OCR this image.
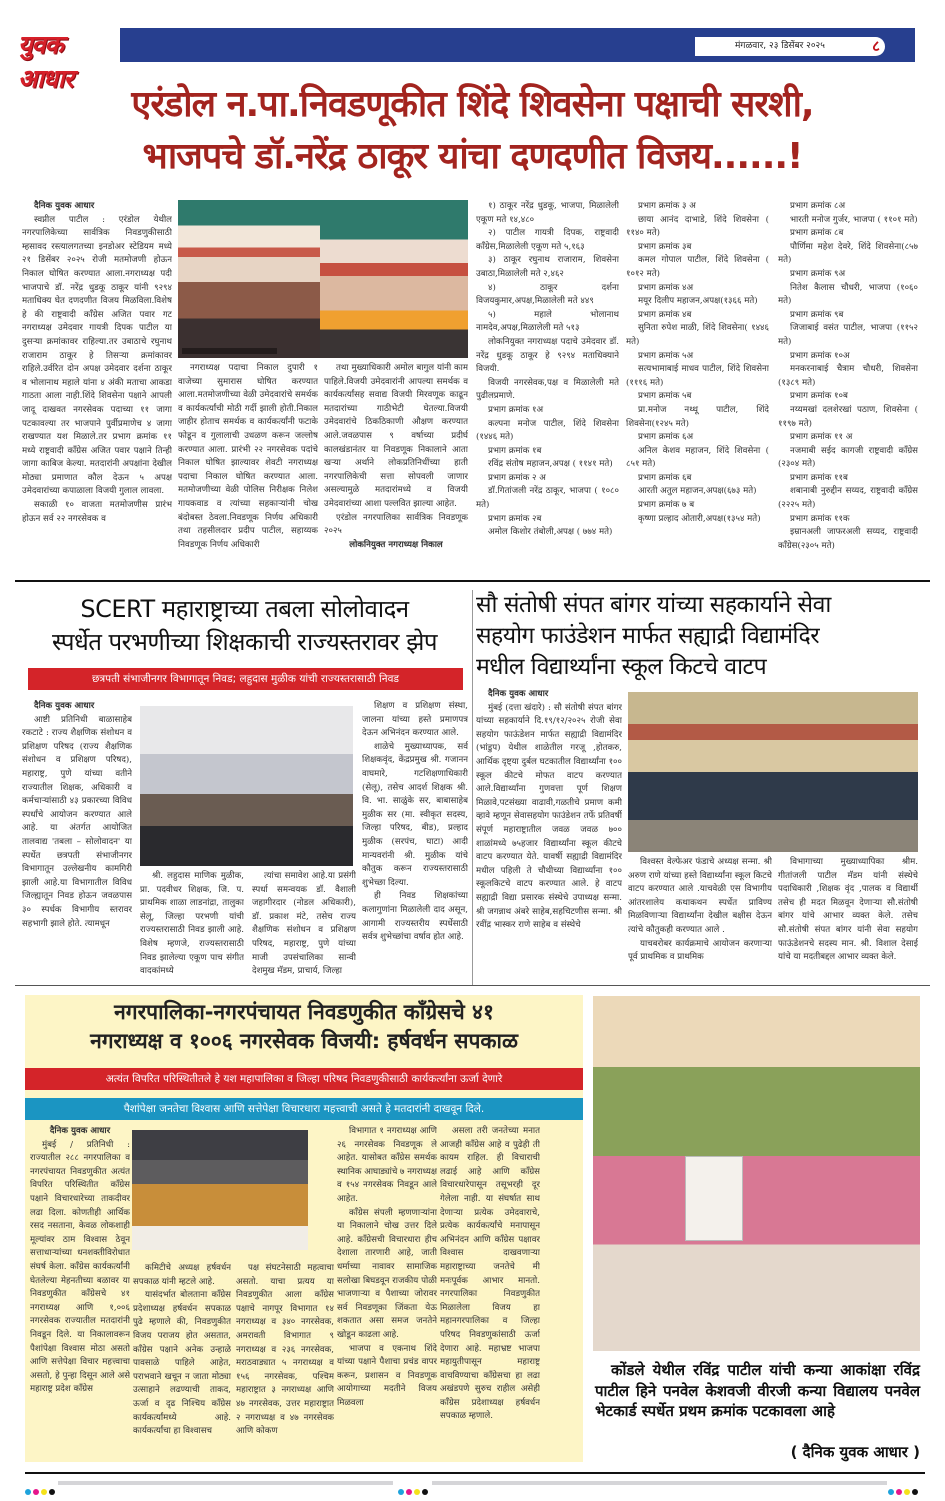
युवक आधार
मंगळवार, २३ डिसेंबर २०२५	८
एरंडोल न.पा.निवडणूकीत शिंदे शिवसेना पक्षाची सरशी,
भाजपचे डॉ.नरेंद्र ठाकूर यांचा दणदणीत विजय......!

दैनिक युवक आधार

स्वप्नील पाटील : एरंडोल येथील नगरपालिकेच्या सार्वत्रिक निवडणुकीसाठी म्हसावद रस्त्यालगतच्या इनडोअर स्टेडियम मध्ये २१ डिसेंबर २०२५ रोजी मतमोजणी होऊन निकाल घोषित करण्यात आला.नगराध्यक्ष पदी भाजपाचे डॉ. नरेंद्र धुडकू ठाकूर यांनी ९२९४ मताधिक्य घेत दणदणीत विजय मिळविला.विशेष हे की राष्ट्रवादी काँग्रेस अजित पवार गट नगराध्यक्ष उमेदवार गायत्री दिपक पाटील या दुसऱ्या क्रमांकावर राहिल्या.तर उबाठाचे रघुनाथ राजाराम ठाकूर हे तिसऱ्या क्रमांकावर राहिले.उर्वरित दोन अपक्ष उमेदवार दर्शना ठाकूर व भोलानाथ महाले यांना ४ अंकी मताचा आकडा गाठता आला नाही.शिंदे शिवसेना पक्षाने आपली जादू दाखवत नगरसेवक पदाच्या ११ जागा पटकावल्या तर भाजपाने पुर्वीप्रमाणेच ४ जागा राखण्यात यश मिळाले.तर प्रभाग क्रमांक ११ मध्ये राष्ट्रवादी काँग्रेस अजित पवार पक्षाने तिन्ही जागा काबिज केल्या. मतदारांनी अपक्षांना देखील मोठ्या प्रमाणात कौल देऊन ५ अपक्ष उमेदवारांच्या कपाळाला विजयी गुलाल लावला.

सकाळी १० वाजता मतमोजणीस प्रारंभ होऊन सर्व २२ नगरसेवक व

नगराध्यक्ष पदाचा निकाल दुपारी १ वाजेच्या सुमारास घोषित करण्यात आला.मतमोजणीच्या वेळी उमेदवारांचे समर्थक व कार्यकर्त्यांची मोठी गर्दी झाली होती.निकाल जाहीर होताच समर्थक व कार्यकर्त्यांनी फटाके फोडून व गुलालाची उधळण करून जल्लोष करण्यात आला. प्रारंभी २२ नगरसेवक पदांचे निकाल घोषित झाल्यावर शेवटी नगराध्यक्ष पदाचा निकाल घोषित करण्यात आला. मतमोजणीच्या वेळी पोलिस निरीक्षक निलेश गायकवाड व त्यांच्या सहकाऱ्यांनी चोख बंदोबस्त ठेवला.निवडणूक निर्णय अधिकारी तथा तहसीलदार प्रदीप पाटील, सहाय्यक निवडणूक निर्णय अधिकारी

तथा मुख्याधिकारी अमोल बागुल यांनी काम पाहिले.विजयी उमेदवारांनी आपल्या समर्थक व कार्यकर्त्यांसह सवाद्य विजयी मिरवणूक काढून मतदारांच्या गाठीभेटी घेतल्या.विजयी उमेदवारांचे ठिकठिकाणी औक्षण करण्यात आले.जवळपास ९ वर्षाच्या प्रदीर्घ कालखंडानंतर या निवडणूक निकालाने आता खऱ्या अर्थाने लोकप्रतिनिधींच्या हाती नगरपालिकेची सत्ता सोपवली जाणार असल्यामुळे मतदारांमध्ये व विजयी उमेदवारांच्या आशा पल्लवित झाल्या आहेत.

एरंडोल नगरपालिका सार्वत्रिक निवडणूक २०२५

लोकनियुक्त नगराध्यक्ष निकाल

१) ठाकूर नरेंद्र धुडकू, भाजपा, मिळालेली एकूण मते १४,४८०

२) पाटील गायत्री दिपक, राष्ट्रवादी काँग्रेस,मिळालेली एकूण मते ५,१६३

३) ठाकूर रघुनाथ राजाराम, शिवसेना उबाठा,मिळालेली मते २,४६२

४) ठाकूर दर्शना विजयकुमार,अपक्ष,मिळालेली मते ४४९

५) महाले भोलानाथ नामदेव,अपक्ष,मिळालेली मते ५१३

लोकनियुक्त नगराध्यक्ष पदाचे उमेदवार डॉ. नरेंद्र धुडकू ठाकूर हे ९२९४ मताधिक्याने विजयी.

विजयी नगरसेवक,पक्ष व मिळालेली मते पुढीलप्रमाणे.

प्रभाग क्रमांक १अ

कल्पना मनोज पाटील, शिंदे शिवसेना (१४४६ मते)

प्रभाग क्रमांक १ब

रविंद्र संतोष महाजन,अपक्ष ( ११४१ मते)

प्रभाग क्रमांक २ अ

डॉ.गितांजली नरेंद्र ठाकूर, भाजपा ( १०८० मते)

प्रभाग क्रमांक २ब

अमोल किशोर तंबोली,अपक्ष ( ७७४ मते)

प्रभाग क्रमांक ३ अ

छाया आनंद दाभाडे, शिंदे शिवसेना ( ११४० मते)

प्रभाग क्रमांक ३ब

कमल गोपाल पाटील, शिंदे शिवसेना ( १०१२ मते)

प्रभाग क्रमांक ४अ

मयूर दिलीप महाजन,अपक्ष(१३६६ मते)

प्रभाग क्रमांक ४ब

सुनिता रुपेश माळी, शिंदे शिवसेना( १४४६ मते)

प्रभाग क्रमांक ५अ

सत्यभामाबाई माधव पाटील, शिंदे शिवसेना (१११६ मते)

प्रभाग क्रमांक ५ब

प्रा.मनोज नथ्थू पाटील, शिंदे शिवसेना(१२४५ मते)

प्रभाग क्रमांक ६अ

अनिल केशव महाजन, शिंदे शिवसेना ( ८५१ मते)

प्रभाग क्रमांक ६ब

आरती अतुल महाजन,अपक्ष(६७३ मते)

प्रभाग क्रमांक ७ ब

कृष्णा प्रल्हाद ओतारी,अपक्ष(१३५४ मते)

प्रभाग क्रमांक ८अ

भारती मनोज गुर्जर, भाजपा ( ११०१ मते)

प्रभाग क्रमांक ८ब

पौर्णिमा महेश देवरे, शिंदे शिवसेना(८५७ मते)

प्रभाग क्रमांक ९अ

नितेश कैलास चौधरी, भाजपा (१०६० मते)

प्रभाग क्रमांक ९ब

जिजाबाई वसंत पाटील, भाजपा (११५२ मते)

प्रभाग क्रमांक १०अ

मनकरनाबाई चैत्राम चौधरी, शिवसेना (१३८९ मते)

प्रभाग क्रमांक १०ब

नय्यमखां दलशेरखां पठाण, शिवसेना ( ११९७ मते)

प्रभाग क्रमांक ११ अ

नजमाबी सईद कागजी राष्ट्रवादी काँग्रेस (२३०४ मते)

प्रभाग क्रमांक ११ब

शबानाबी नुरुद्दीन सय्यद, राष्ट्रवादी काँग्रेस (२२२५ मते)

प्रभाग क्रमांक ११क

इम्रानअली जाफरअली सय्यद, राष्ट्रवादी काँग्रेस(२३०५ मते)

SCERT महाराष्ट्राच्या तबला सोलोवादन
स्पर्धेत परभणीच्या शिक्षकाची राज्यस्तरावर झेप
छत्रपती संभाजीनगर विभागातून निवड; लहुदास मुळीक यांची राज्यस्तरासाठी निवड

दैनिक युवक आधार

आष्टी प्रतिनिधी बाळासाहेब रकटाटे : राज्य शैक्षणिक संशोधन व प्रशिक्षण परिषद (राज्य शैक्षणिक संशोधन व प्रशिक्षण परिषद), महाराष्ट्र, पुणे यांच्या वतीने राज्यातील शिक्षक, अधिकारी व कर्मचाऱ्यांसाठी ४३ प्रकारच्या विविध स्पर्धांचे आयोजन करण्यात आले आहे. या अंतर्गत आयोजित तालवाद्य 'तबला – सोलोवादन' या स्पर्धेत छत्रपती संभाजीनगर विभागातून उल्लेखनीय कामगिरी झाली आहे.या विभागातील विविध जिल्ह्यातून निवड होऊन जवळपास ३० स्पर्धक विभागीय स्तरावर सहभागी झाले होते. त्यामधून

श्री. लहुदास माणिक मुळीक, प्रा. पदवीधर शिक्षक, जि. प. प्राथमिक शाळा लाडनांद्रा, तालुका सेलू, जिल्हा परभणी यांची राज्यस्तरासाठी निवड झाली आहे. विशेष म्हणजे, राज्यस्तरासाठी निवड झालेल्या एकूण पाच संगीत वादकांमध्ये

त्यांचा समावेश आहे.या प्रसंगी स्पर्धा समन्वयक डॉ. वैशाली जहागीरदार (नोडल अधिकारी), डॉ. प्रकाश मंटे, तसेच राज्य शैक्षणिक संशोधन व प्रशिक्षण परिषद, महाराष्ट्र, पुणे यांच्या माजी उपसंचालिका सान्वी देशमुख मॅडम, प्राचार्य, जिल्हा

शिक्षण व प्रशिक्षण संस्था, जालना यांच्या हस्ते प्रमाणपत्र देऊन अभिनंदन करण्यात आले.

शाळेचे मुख्याध्यापक, सर्व शिक्षकवृंद, केंद्रप्रमुख श्री. गजानन वाघमारे, गटशिक्षणाधिकारी (सेलू), तसेच आदर्श शिक्षक श्री. वि. भा. साळुंके सर, बाबासाहेब मुळीक सर (मा. स्वीकृत सदस्य, जिल्हा परिषद, बीड), प्रल्हाद मुळीक (सरपंच, घाटा) आदी मान्यवरांनी श्री. मुळीक यांचे कौतुक करून राज्यस्तरासाठी शुभेच्छा दिल्या.

ही निवड शिक्षकांच्या कलागुणांना मिळालेली दाद असून, आगामी राज्यस्तरीय स्पर्धेसाठी सर्वत्र शुभेच्छांचा वर्षाव होत आहे.

सौ संतोषी संपत बांगर यांच्या सहकार्याने सेवा
सहयोग फाउंडेशन मार्फत सह्याद्री विद्यामंदिर
मधील विद्यार्थ्यांना स्कूल किटचे वाटप

दैनिक युवक आधार

मुंबई (दत्ता खंदारे) : सौ संतोषी संपत बांगर यांच्या सहकार्याने दि.१९/१२/२०२५ रोजी सेवा सहयोग फाऊंडेशन मार्फत सह्याद्री विद्यामंदिर (भांडुप) येथील शाळेतील गरजू ,होतकरु, आर्थिक दृष्ट्या दुर्बल घटकातील विद्यार्थ्यांना १०० स्कूल कीटचे मोफत वाटप करण्यात आले.विद्यार्थ्यांना गुणवत्ता पूर्ण शिक्षण मिळावे,पटसंख्या वाढावी,गळतीचे प्रमाण कमी व्हावे म्हणून सेवासहयोग फाउंडेशन तर्फे प्रतिवर्षी संपूर्ण महाराष्ट्रातील जवळ जवळ ७०० शाळांमध्ये ७५हजार विद्यार्थ्यांना स्कूल कीटचे वाटप करण्यात येते. यावर्षी सह्याद्री विद्यामंदिर मधील पहिली ते चौथीच्या विद्यार्थ्यांना १०० स्कूलकिटचे वाटप करण्यात आले. हे वाटप सह्याद्री विद्या प्रसारक संस्थेचे उपाध्यक्ष सन्मा. श्री जगन्नाथ अंबरे साहेब,सहचिटणीस सन्मा. श्री रवींद्र भास्कर राणे साहेब व संस्थेचे

विश्वस्त वेल्फेअर फंडाचे अध्यक्ष सन्मा. श्री अरुण राणे यांच्या हस्ते विद्यार्थ्यांना स्कूल किटचे वाटप करण्यात आले .याचवेळी एस विभागीय आंतरशालेय कथाकथन स्पर्धेत प्राविण्य मिळविणाऱ्या विद्यार्थ्यांना देखील बक्षीस देऊन त्यांचे कौतुकही करण्यात आले .

याचबरोबर कार्यक्रमाचे आयोजन करणाऱ्या पूर्व प्राथमिक व प्राथमिक

विभागाच्या मुख्याध्यापिका श्रीम. गीतांजली पाटील मॅडम यांनी संस्थेचे पदाधिकारी ,शिक्षक वृंद ,पालक व विद्यार्थी तसेच ही मदत मिळवून देणाऱ्या सौ.संतोषी बांगर यांचे आभार व्यक्त केले. तसेच सौ.संतोषी संपत बांगर यांनी सेवा सहयोग फाऊंडेशनचे सदस्य मान. श्री. विशाल देसाई यांचे या मदतीबद्दल आभार व्यक्त केले.

नगरपालिका-नगरपंचायत निवडणुकीत काँग्रेसचे ४१
नगराध्यक्ष व १००६ नगरसेवक विजयी: हर्षवर्धन सपकाळ
अत्यंत विपरित परिस्थितीतले हे यश महापालिका व जिल्हा परिषद निवडणुकीसाठी कार्यकर्त्यांना ऊर्जा देणारे
पैशांपेक्षा जनतेचा विश्वास आणि सत्तेपेक्षा विचारधारा महत्त्वाची असते हे मतदारांनी दाखवून दिले.

दैनिक युवक आधार

मुंबई / प्रतिनिधी : राज्यातील २८८ नगरपालिका व नगरपंचायत निवडणुकीत अत्यंत विपरित परिस्थितीत काँग्रेस पक्षाने विचारधारेच्या ताकदीवर लढा दिला. कोणतीही आर्थिक रसद नसताना, केवळ लोकशाही मूल्यांवर ठाम विश्वास ठेवून सत्ताधाऱ्यांच्या धनशक्तीविरोधात संघर्ष केला. काँग्रेस कार्यकर्त्यांनी घेतलेल्या मेहनतीच्या बळावर या निवडणुकीत काँग्रेसचे ४१ नगराध्यक्ष आणि १,००६ नगरसेवक राज्यातील मतदारांनी निवडून दिले. या निकालावरून पैशांपेक्षा विश्वास मोठा असतो आणि सत्तेपेक्षा विचार महत्त्वाचा असतो, हे पुन्हा दिसून आले असे महाराष्ट्र प्रदेश काँग्रेस

कमिटीचे अध्यक्ष हर्षवर्धन सपकाळ यांनी म्हटले आहे.

यासंदर्भात बोलताना काँग्रेस प्रदेशाध्यक्ष हर्षवर्धन सपकाळ पुढे म्हणाले की, निवडणुकीत विजय पराजय होत असतात, काँग्रेस पक्षाने अनेक उन्हाळे पावसाळे पाहिले आहेत, पराभवाने खचून न जाता मोठ्या उत्साहाने लढण्याची ताकद, ऊर्जा व दृढ निश्चिय काँग्रेस कार्यकर्त्यांमध्ये आहे. कार्यकर्त्यांचा हा विश्वासच

पक्ष संघटनेसाठी महत्वाचा असतो. याचा प्रत्यय या निवडणुकीत आला काँग्रेस पक्षाचे नागपूर विभागात १४ नगराध्यक्ष व ३४० नगरसेवक, अमरावती विभागात ९ नगराध्यक्ष व २३६ नगरसेवक, मराठवाड्यात ५ नगराध्यक्ष व १५६ नगरसेवक, पश्चिम महाराष्ट्रात ३ नगराध्यक्ष आणि ४७ नगरसेवक, उत्तर महाराष्ट्रात २ नगराध्यक्ष व ४७ नगरसेवक आणि कोकण

विभागात १ नगराध्यक्ष आणि २६ नगरसेवक निवडणूक ले आहेत. यासोबत काँग्रेस समर्थक स्थानिक आघाड्यांचे ७ नगराध्यक्ष व १५४ नगरसेवक निवडून आले आहेत.

काँग्रेस संपली म्हणणाऱ्यांना या निकालाने चोख उत्तर दिले आहे. काँग्रेसची विचारधारा हीच देशाला तारणारी आहे, जाती धर्माच्या नावावर सामाजिक सलोखा बिघडवून राजकीय पोळी भाजणाऱ्या व पैशाच्या जोरावर सर्व निवडणूका जिंकता येऊ शकतात असा समज जनतेने खोडून काढला आहे.

भाजपा व एकनाथ शिंदे यांच्या पक्षाने पैशाचा प्रचंड वापर करून, प्रशासन व निवडणूक आयोगाच्या मदतीने विजय मिळवला

असला तरी जनतेच्या मनात आजही काँग्रेस आहे व पुढेही ती कायम राहिल. ही विचाराची लढाई आहे आणि काँग्रेस विचारधारेपासून तसूभरही दूर गेलेला नाही. या संघर्षात साथ देणाऱ्या प्रत्येक उमेदवाराचे, प्रत्येक कार्यकर्त्यांचे मनापासून अभिनंदन आणि काँग्रेस पक्षावर विश्वास दाखवणाऱ्या महाराष्ट्राच्या जनतेचे मी मनःपूर्वक आभार मानतो. नगरपालिका निवडणुकीत मिळालेला विजय हा महानगरपालिका व जिल्हा परिषद निवडणुकांसाठी ऊर्जा देणारा आहे. महाभ्रष्ट भाजपा महायुतीपासून महाराष्ट्र वाचविण्याचा काँग्रेसचा हा लढा अखंडपणे सुरुच राहील असेही काँग्रेस प्रदेशाध्यक्ष हर्षवर्धन सपकाळ म्हणाले.

कोंडले येथील रविंद्र पाटील यांची कन्या आकांक्षा रविंद्र पाटील हिने पनवेल केशवजी वीरजी कन्या विद्यालय पनवेल भेटकार्ड स्पर्धेत प्रथम क्रमांक पटकावला आहे

( दैनिक युवक आधार )
